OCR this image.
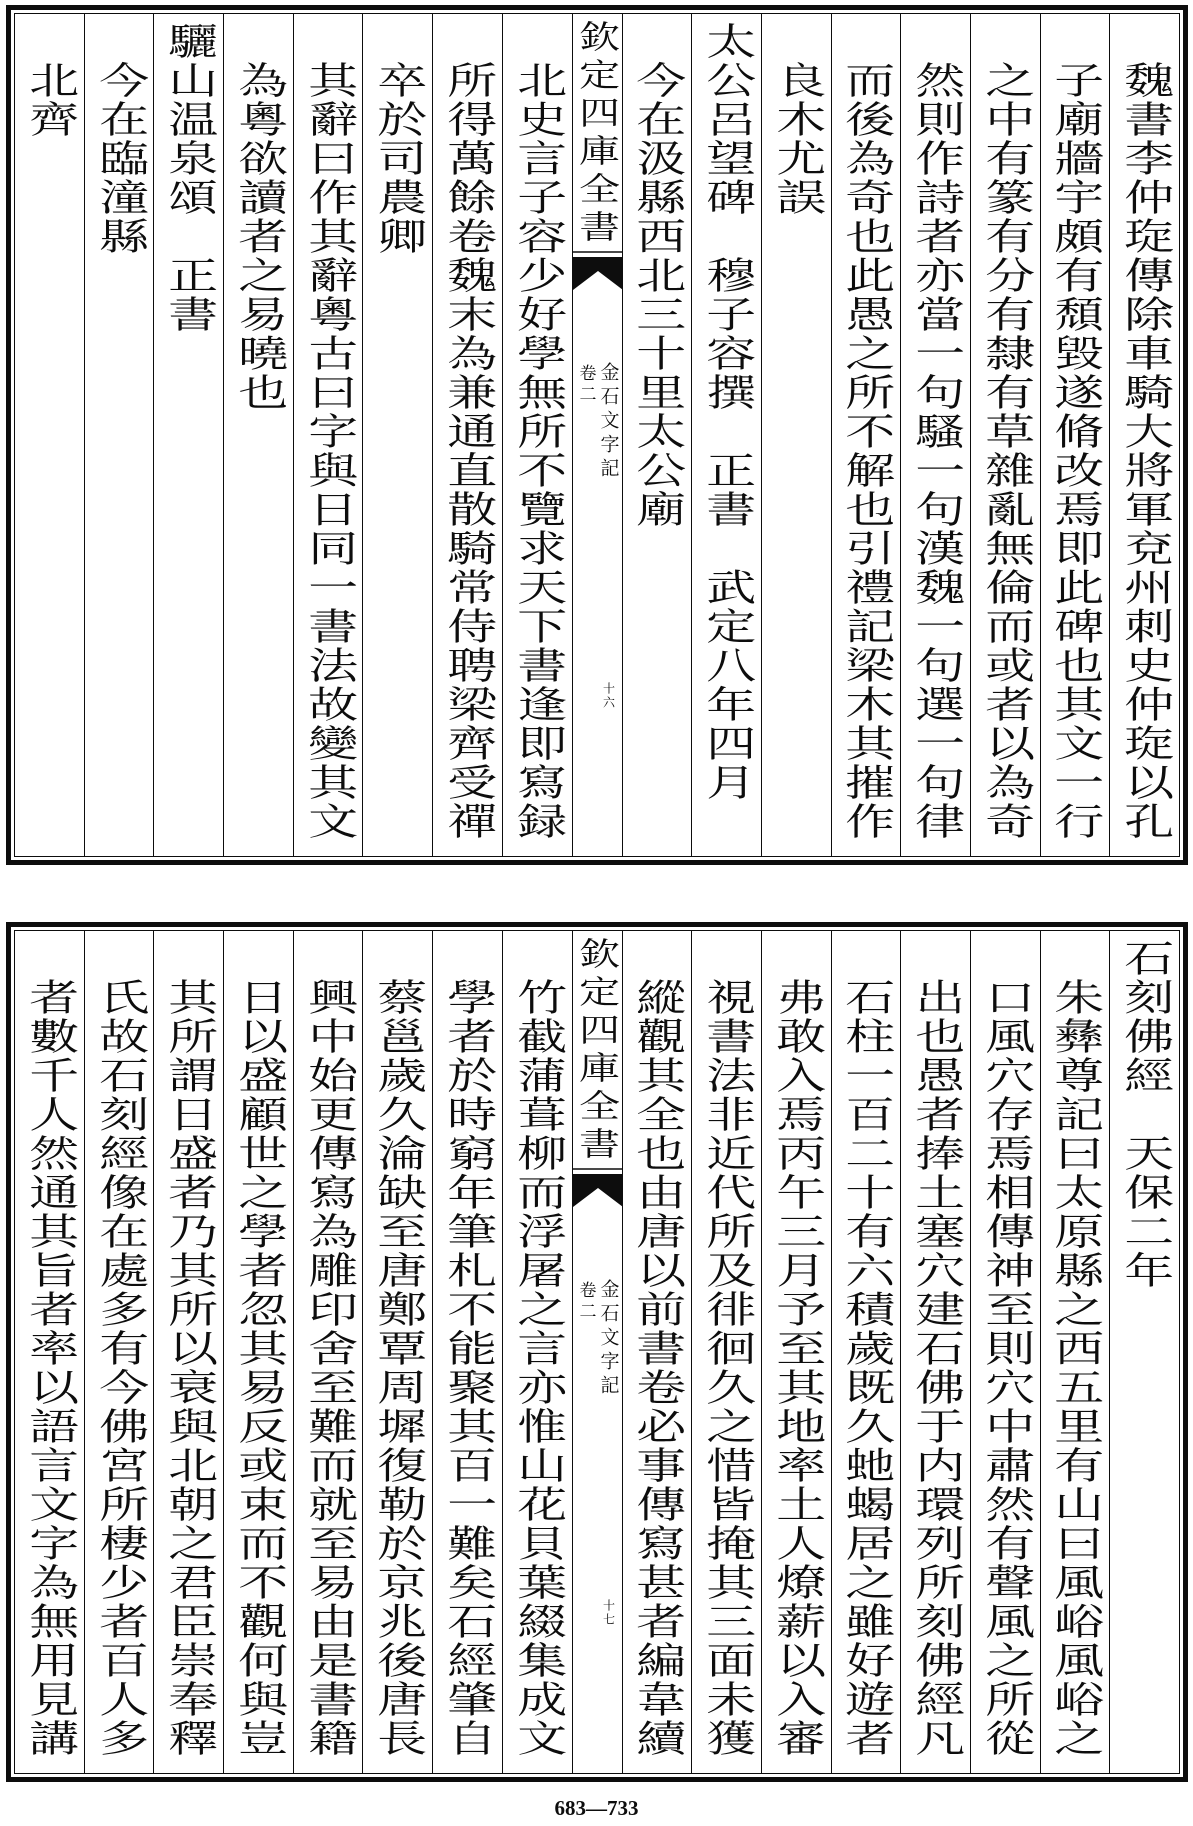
魏書李仲琁傳除車騎大將軍兗州刺史仲琁以孔
子廟牆宇頗有頹毀遂脩改焉即此碑也其文一行
之中有篆有分有隸有草雜亂無倫而或者以為奇
然則作詩者亦當一句騷一句漢魏一句選一句律
而後為奇也此愚之所不解也引禮記梁木其摧作
良木尤誤
太公呂望碑　穆子容撰　正書　武定八年四月
今在汲縣西北三十里太公廟
欽定四庫全書
金石文字記
卷二
十六
北史言子容少好學無所不覽求天下書逢即寫録
所得萬餘卷魏末為兼通直散騎常侍聘梁齊受禪
卒於司農卿
其辭曰作其辭粵古曰字與日同一書法故變其文
為粵欲讀者之易曉也
驪山温泉頌　正書
今在臨潼縣
北齊
石刻佛經　天保二年
朱彝尊記曰太原縣之西五里有山曰風峪風峪之
口風穴存焉相傳神至則穴中肅然有聲風之所從
出也愚者捧土塞穴建石佛于内環列所刻佛經凡
石柱一百二十有六積歲既久虵蝎居之雖好遊者
弗敢入焉丙午三月予至其地率土人燎薪以入審
視書法非近代所及徘徊久之惜皆掩其三面未獲
縱觀其全也由唐以前書卷必事傳寫甚者編韋續
欽定四庫全書
金石文字記
卷二
十七
竹截蒲葺柳而浮屠之言亦惟山花貝葉綴集成文
學者於時窮年筆札不能聚其百一難矣石經肇自
蔡邕歲久淪缺至唐鄭覃周墀復勒於京兆後唐長
興中始更傳寫為雕印舍至難而就至易由是書籍
日以盛顧世之學者忽其易反或束而不觀何與豈
其所謂日盛者乃其所以衰與北朝之君臣崇奉釋
氏故石刻經像在處多有今佛宮所棲少者百人多
者數千人然通其旨者率以語言文字為無用見講
683—733
